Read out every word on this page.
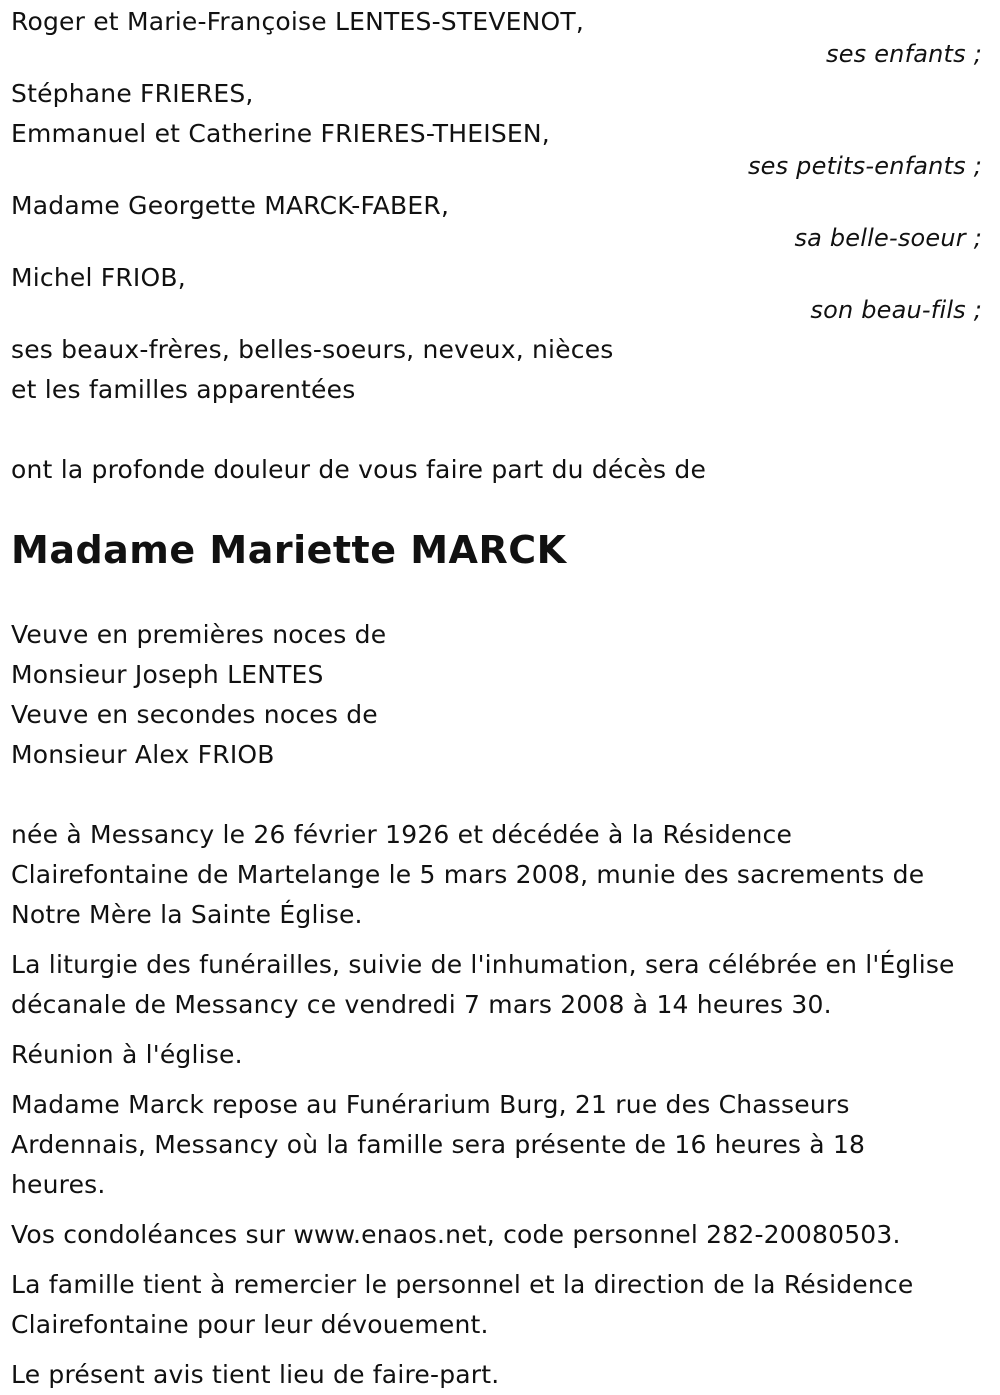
Roger et Marie-Françoise LENTES-STEVENOT,
ses enfants ;
Stéphane FRIERES,
Emmanuel et Catherine FRIERES-THEISEN,
ses petits-enfants ;
Madame Georgette MARCK-FABER,
sa belle-soeur ;
Michel FRIOB,
son beau-fils ;
ses beaux-frères, belles-soeurs, neveux, nièces
et les familles apparentées
ont la profonde douleur de vous faire part du décès de
Madame Mariette MARCK
Veuve en premières noces de
Monsieur Joseph LENTES
Veuve en secondes noces de
Monsieur Alex FRIOB
née à Messancy le 26 février 1926 et décédée à la Résidence
Clairefontaine de Martelange le 5 mars 2008, munie des sacrements de
Notre Mère la Sainte Église.
La liturgie des funérailles, suivie de l'inhumation, sera célébrée en l'Église
décanale de Messancy ce vendredi 7 mars 2008 à 14 heures 30.
Réunion à l'église.
Madame Marck repose au Funérarium Burg, 21 rue des Chasseurs
Ardennais, Messancy où la famille sera présente de 16 heures à 18
heures.
Vos condoléances sur www.enaos.net, code personnel 282-20080503.
La famille tient à remercier le personnel et la direction de la Résidence
Clairefontaine pour leur dévouement.
Le présent avis tient lieu de faire-part.
